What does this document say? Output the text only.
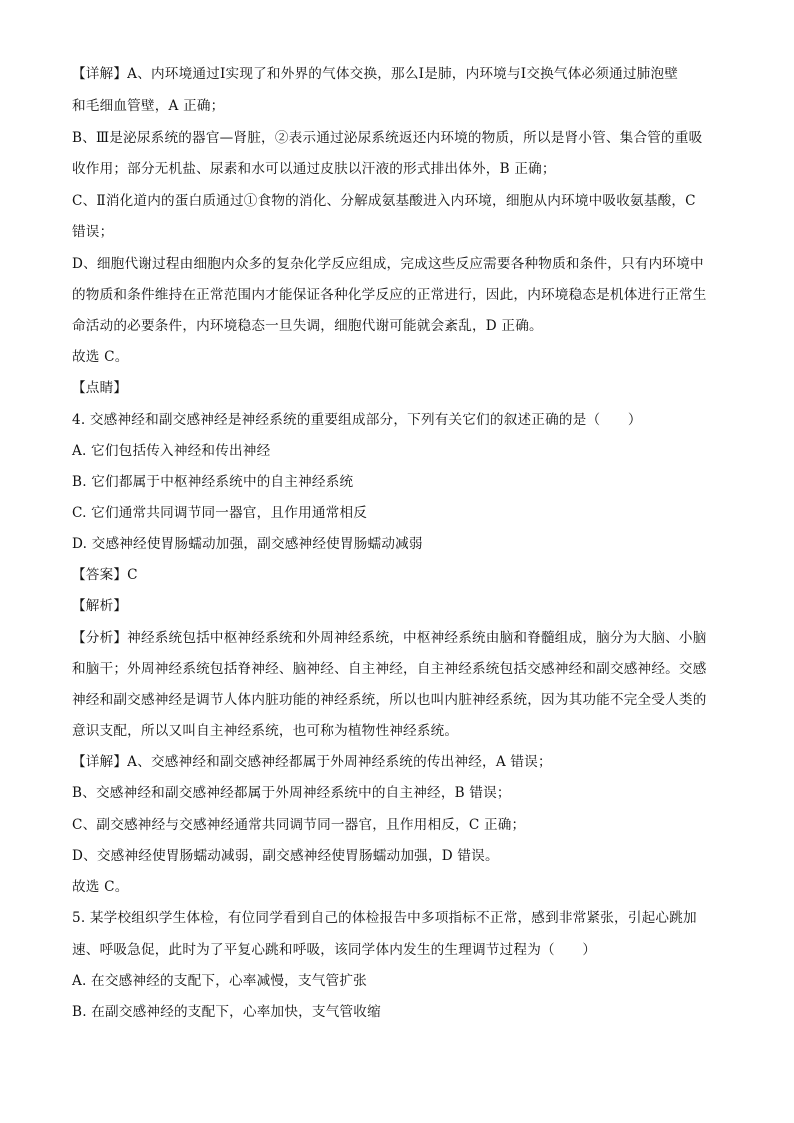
【详解】A、内环境通过Ⅰ实现了和外界的气体交换，那么Ⅰ是肺，内环境与Ⅰ交换气体必须通过肺泡壁
和毛细血管壁，A 正确；
B、Ⅲ是泌尿系统的器官—肾脏，②表示通过泌尿系统返还内环境的物质，所以是肾小管、集合管的重吸
收作用；部分无机盐、尿素和水可以通过皮肤以汗液的形式排出体外，B 正确；
C、Ⅱ消化道内的蛋白质通过①食物的消化、分解成氨基酸进入内环境，细胞从内环境中吸收氨基酸，C
错误；
D、细胞代谢过程由细胞内众多的复杂化学反应组成，完成这些反应需要各种物质和条件，只有内环境中
的物质和条件维持在正常范围内才能保证各种化学反应的正常进行，因此，内环境稳态是机体进行正常生
命活动的必要条件，内环境稳态一旦失调，细胞代谢可能就会紊乱，D 正确。
故选 C。
【点睛】
4. 交感神经和副交感神经是神经系统的重要组成部分，下列有关它们的叙述正确的是（　　）
A. 它们包括传入神经和传出神经
B. 它们都属于中枢神经系统中的自主神经系统
C. 它们通常共同调节同一器官，且作用通常相反
D. 交感神经使胃肠蠕动加强，副交感神经使胃肠蠕动减弱
【答案】C
【解析】
【分析】神经系统包括中枢神经系统和外周神经系统，中枢神经系统由脑和脊髓组成，脑分为大脑、小脑
和脑干；外周神经系统包括脊神经、脑神经、自主神经，自主神经系统包括交感神经和副交感神经。交感
神经和副交感神经是调节人体内脏功能的神经系统，所以也叫内脏神经系统，因为其功能不完全受人类的
意识支配，所以又叫自主神经系统，也可称为植物性神经系统。
【详解】A、交感神经和副交感神经都属于外周神经系统的传出神经，A 错误；
B、交感神经和副交感神经都属于外周神经系统中的自主神经，B 错误；
C、副交感神经与交感神经通常共同调节同一器官，且作用相反，C 正确；
D、交感神经使胃肠蠕动减弱，副交感神经使胃肠蠕动加强，D 错误。
故选 C。
5. 某学校组织学生体检，有位同学看到自己的体检报告中多项指标不正常，感到非常紧张，引起心跳加
速、呼吸急促，此时为了平复心跳和呼吸，该同学体内发生的生理调节过程为（　　）
A. 在交感神经的支配下，心率减慢，支气管扩张
B. 在副交感神经的支配下，心率加快，支气管收缩
